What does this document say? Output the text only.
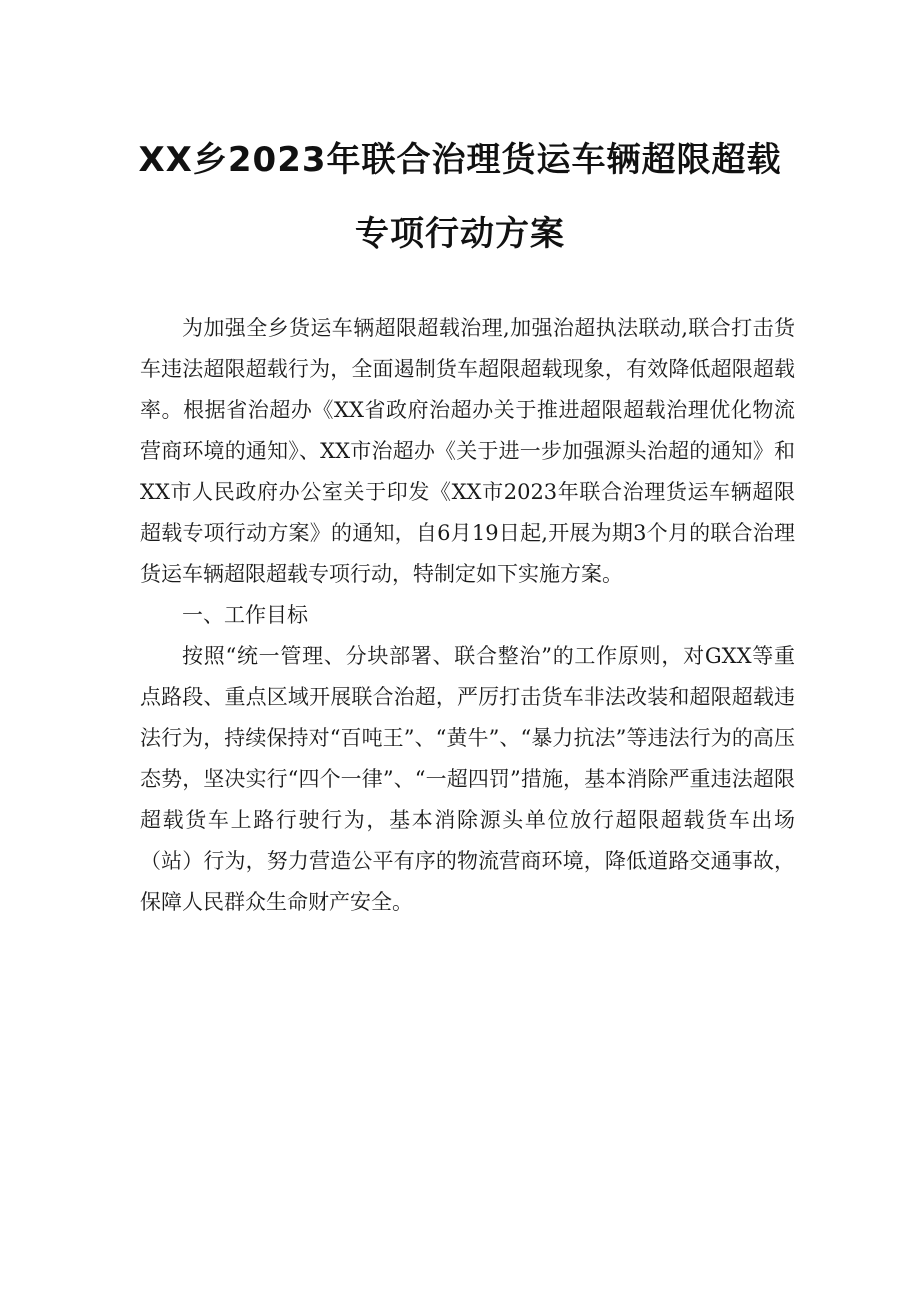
XX乡2023年联合治理货运车辆超限超载
专项行动方案

为加强全乡货运车辆超限超载治理,加强治超执法联动,联合打击货车违法超限超载行为，全面遏制货车超限超载现象，有效降低超限超载率。根据省治超办《XX省政府治超办关于推进超限超载治理优化物流营商环境的通知》、XX市治超办《关于进一步加强源头治超的通知》和XX市人民政府办公室关于印发《XX市2023年联合治理货运车辆超限超载专项行动方案》的通知，自6月19日起,开展为期3个月的联合治理货运车辆超限超载专项行动，特制定如下实施方案。

一、工作目标

按照“统一管理、分块部署、联合整治”的工作原则，对GXX等重点路段、重点区域开展联合治超，严厉打击货车非法改装和超限超载违法行为，持续保持对“百吨王”、“黄牛”、“暴力抗法”等违法行为的高压态势，坚决实行“四个一律”、“一超四罚”措施，基本消除严重违法超限超载货车上路行驶行为，基本消除源头单位放行超限超载货车出场（站）行为，努力营造公平有序的物流营商环境，降低道路交通事故，保障人民群众生命财产安全。
